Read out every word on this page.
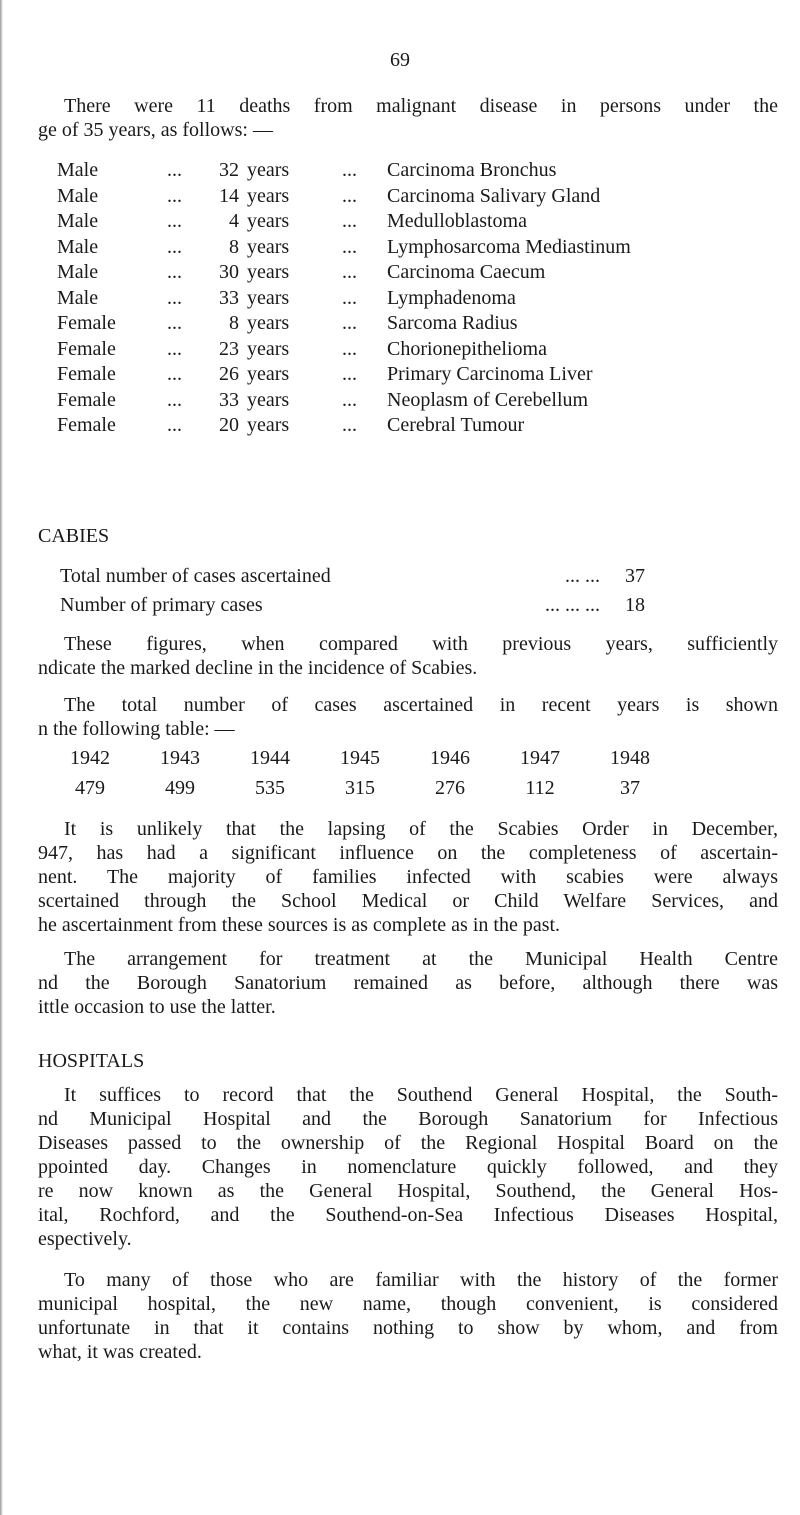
69
There were 11 deaths from malignant disease in persons under the
ge of 35 years, as follows: —
Male	...	32 years	... Carcinoma Bronchus
Male	...	14 years	... Carcinoma Salivary Gland
Male	...	4 years	... Medulloblastoma
Male	...	8 years	... Lymphosarcoma Mediastinum
Male	...	30 years	... Carcinoma Caecum
Male	...	33 years	... Lymphadenoma
Female	...	8 years	... Sarcoma Radius
Female	...	23 years	... Chorionepithelioma
Female	...	26 years	... Primary Carcinoma Liver
Female	...	33 years	... Neoplasm of Cerebellum
Female	...	20 years	... Cerebral Tumour
CABIES
Total number of cases ascertained	... ...	37
Number of primary cases	... ... ...	18
These figures, when compared with previous years, sufficiently
ndicate the marked decline in the incidence of Scabies.
The total number of cases ascertained in recent years is shown
n the following table: —
1942	1943	1944	1945	1946	1947	1948
479	499	535	315	276	112	37
It is unlikely that the lapsing of the Scabies Order in December,
947, has had a significant influence on the completeness of ascertain-
nent. The majority of families infected with scabies were always
scertained through the School Medical or Child Welfare Services, and
he ascertainment from these sources is as complete as in the past.
The arrangement for treatment at the Municipal Health Centre
nd the Borough Sanatorium remained as before, although there was
ittle occasion to use the latter.
HOSPITALS
It suffices to record that the Southend General Hospital, the South-
nd Municipal Hospital and the Borough Sanatorium for Infectious
Diseases passed to the ownership of the Regional Hospital Board on the
ppointed day. Changes in nomenclature quickly followed, and they
re now known as the General Hospital, Southend, the General Hos-
ital, Rochford, and the Southend-on-Sea Infectious Diseases Hospital,
espectively.
To many of those who are familiar with the history of the former
municipal hospital, the new name, though convenient, is considered
unfortunate in that it contains nothing to show by whom, and from
what, it was created.
